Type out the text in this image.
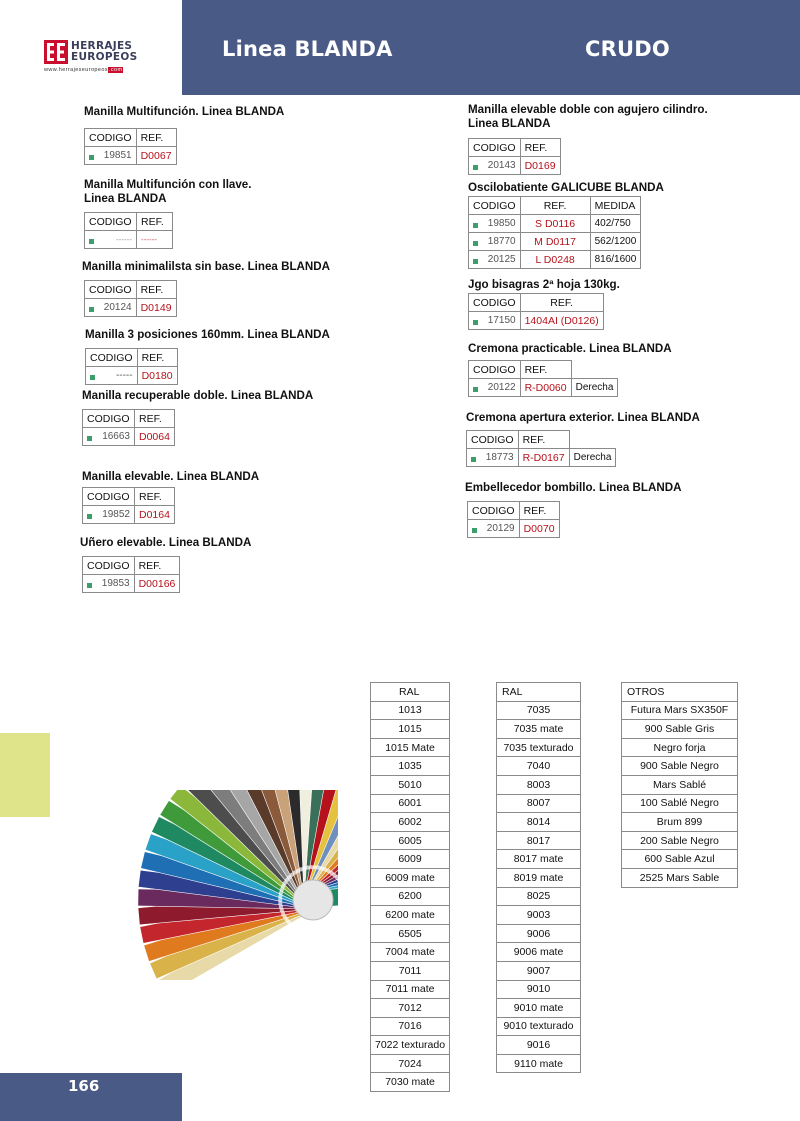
HERRAJES
EUROPEOS
www.herrajeseuropeos.com
Linea BLANDA	CRUDO
Manilla Multifunción. Linea BLANDA
CODIGO	REF.

19851	D0067
Manilla Multifunción con llave.
Linea BLANDA
CODIGO	REF.

------	------
Manilla minimalilsta sin base. Linea BLANDA
CODIGO	REF.

20124	D0149
Manilla 3 posiciones 160mm. Linea BLANDA
CODIGO	REF.

-----	D0180
Manilla recuperable doble. Linea BLANDA
CODIGO	REF.

16663	D0064
Manilla elevable. Linea BLANDA
CODIGO	REF.

19852	D0164
Uñero elevable. Linea BLANDA
CODIGO	REF.

19853	D00166
Manilla elevable doble con agujero cilindro.
Linea BLANDA
CODIGO	REF.

20143	D0169
Oscilobatiente GALICUBE BLANDA
CODIGO	REF.	MEDIDA

19850	S D0116	402/750

18770	M D0117	562/1200

20125	L D0248	816/1600
Jgo bisagras 2ª hoja 130kg.
CODIGO	REF.

17150	1404AI (D0126)
Cremona practicable. Linea BLANDA
CODIGO	REF.	

20122	R-D0060	Derecha
Cremona apertura exterior. Linea BLANDA
CODIGO	REF.	

18773	R-D0167	Derecha
Embellecedor bombillo. Linea BLANDA
CODIGO	REF.

20129	D0070
RAL
1013
1015
1015 Mate
1035
5010
6001
6002
6005
6009
6009 mate
6200
6200 mate
6505
7004 mate
7011
7011 mate
7012
7016
7022 texturado
7024
7030 mate
RAL
7035
7035 mate
7035 texturado
7040
8003
8007
8014
8017
8017 mate
8019 mate
8025
9003
9006
9006 mate
9007
9010
9010 mate
9010 texturado
9016
9110 mate
OTROS
Futura Mars SX350F
900 Sable Gris
Negro forja
900 Sable Negro
Mars Sablé
100 Sablé Negro
Brum 899
200 Sable Negro
600 Sable Azul
2525 Mars Sable
166
